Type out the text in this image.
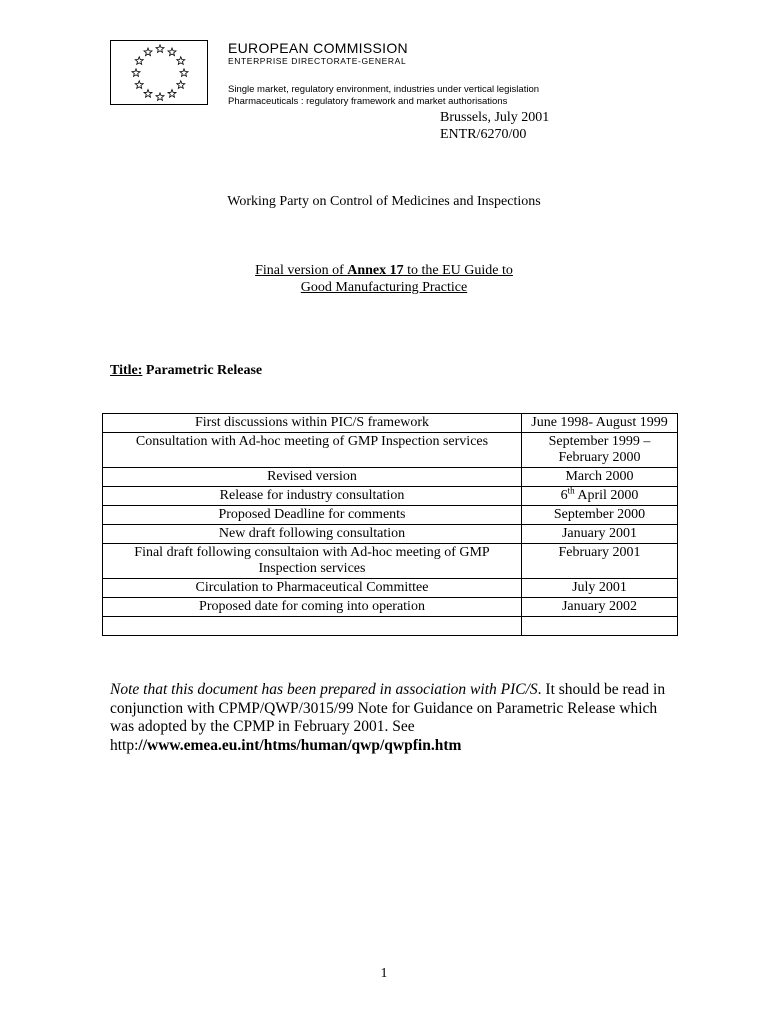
EUROPEAN COMMISSION
ENTERPRISE DIRECTORATE-GENERAL
Single market, regulatory environment, industries under vertical legislation
Pharmaceuticals : regulatory framework and market authorisations
Brussels, July 2001
ENTR/6270/00
Working Party on Control of Medicines and Inspections
Final version of Annex 17 to the EU Guide to
Good Manufacturing Practice
Title: Parametric Release
First discussions within PIC/S framework	June 1998- August 1999
Consultation with Ad-hoc meeting of GMP Inspection services	September 1999 – February 2000
Revised version	March 2000
Release for industry consultation	6th April 2000
Proposed Deadline for comments	September 2000
New draft following consultation	January 2001
Final draft following consultaion with Ad-hoc meeting of GMP Inspection services	February 2001
Circulation to Pharmaceutical Committee	July 2001
Proposed date for coming into operation	January 2002

Note that this document has been prepared in association with PIC/S. It should be read in conjunction with CPMP/QWP/3015/99 Note for Guidance on Parametric Release which was adopted by the CPMP in February 2001. See http://www.emea.eu.int/htms/human/qwp/qwpfin.htm
1
